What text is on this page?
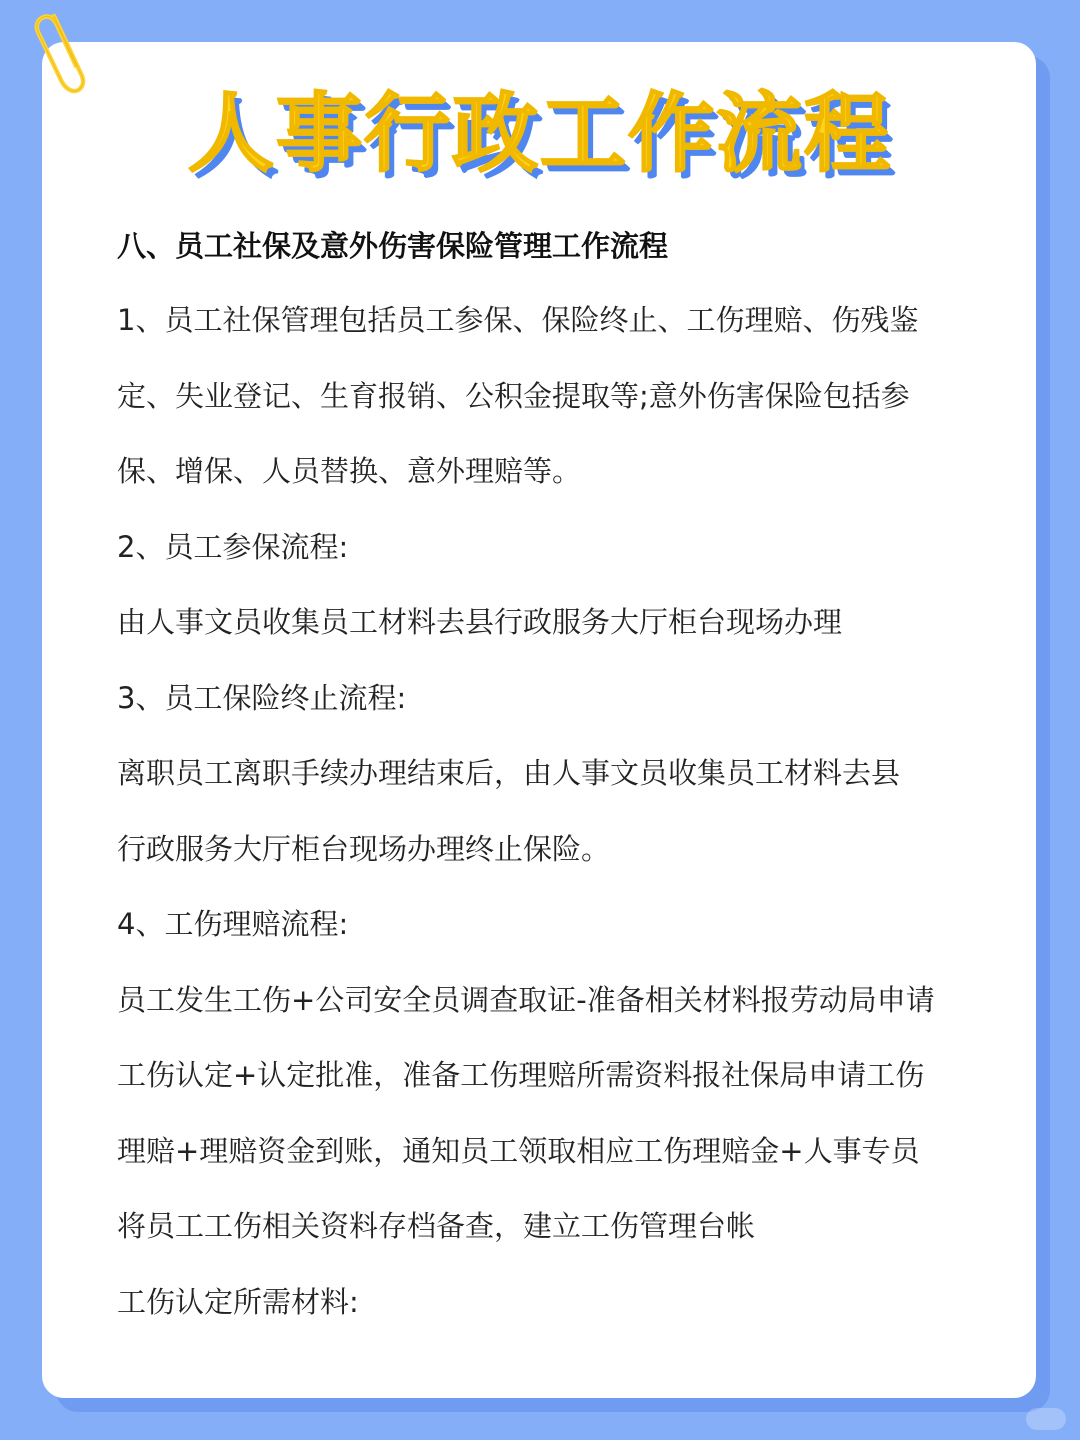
人事行政工作流程
八、员工社保及意外伤害保险管理工作流程
1、员工社保管理包括员工参保、保险终止、工伤理赔、伤残鉴
定、失业登记、生育报销、公积金提取等;意外伤害保险包括参
保、增保、人员替换、意外理赔等。
2、员工参保流程:
由人事文员收集员工材料去县行政服务大厅柜台现场办理
3、员工保险终止流程:
离职员工离职手续办理结束后，由人事文员收集员工材料去县
行政服务大厅柜台现场办理终止保险。
4、工伤理赔流程:
员工发生工伤+公司安全员调查取证-准备相关材料报劳动局申请
工伤认定+认定批准，准备工伤理赔所需资料报社保局申请工伤
理赔+理赔资金到账，通知员工领取相应工伤理赔金+人事专员
将员工工伤相关资料存档备查，建立工伤管理台帐
工伤认定所需材料:
